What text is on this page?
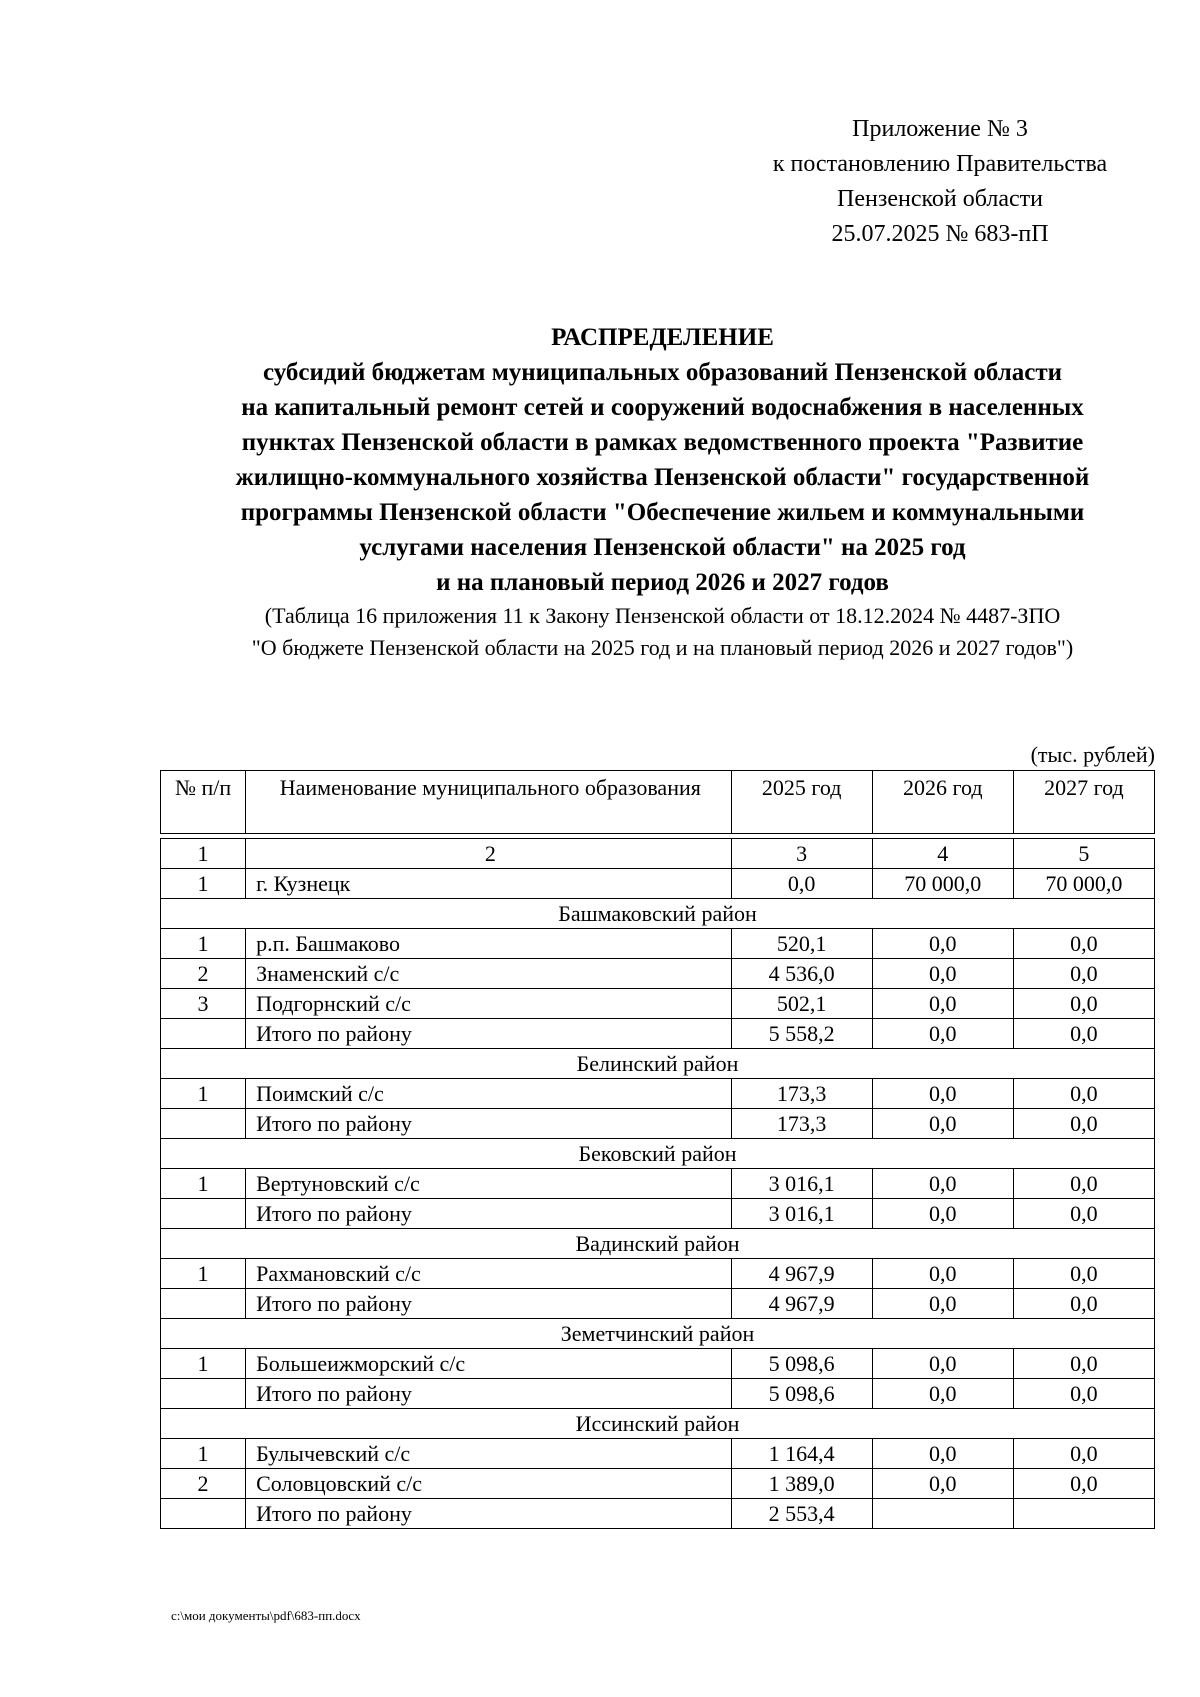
Приложение № 3
к постановлению Правительства
Пензенской области
25.07.2025 № 683-пП

РАСПРЕДЕЛЕНИЕ

субсидий бюджетам муниципальных образований Пензенской области

на капитальный ремонт сетей и сооружений водоснабжения в населенных

пунктах Пензенской области в рамках ведомственного проекта "Развитие

жилищно-коммунального хозяйства Пензенской области" государственной

программы Пензенской области "Обеспечение жильем и коммунальными

услугами населения Пензенской области" на 2025 год

и на плановый период 2026 и 2027 годов

(Таблица 16 приложения 11 к Закону Пензенской области от 18.12.2024 № 4487-ЗПО

"О бюджете Пензенской области на 2025 год и на плановый период 2026 и 2027 годов")

(тыс. рублей)
№ п/п	Наименование муниципального образования	2025 год	2026 год	2027 год

1	2	3	4	5
1	г. Кузнецк	0,0	70 000,0	70 000,0
Башмаковский район				
1	р.п. Башмаково	520,1	0,0	0,0
2	Знаменский с/с	4 536,0	0,0	0,0
3	Подгорнский с/с	502,1	0,0	0,0
	Итого по району	5 558,2	0,0	0,0
Белинский район				
1	Поимский с/с	173,3	0,0	0,0
	Итого по району	173,3	0,0	0,0
Бековский район				
1	Вертуновский с/с	3 016,1	0,0	0,0
	Итого по району	3 016,1	0,0	0,0
Вадинский район				
1	Рахмановский с/с	4 967,9	0,0	0,0
	Итого по району	4 967,9	0,0	0,0
Земетчинский район				
1	Большеижморский с/с	5 098,6	0,0	0,0
	Итого по району	5 098,6	0,0	0,0
Иссинский район				
1	Булычевский с/с	1 164,4	0,0	0,0
2	Соловцовский с/с	1 389,0	0,0	0,0
	Итого по району	2 553,4		
c:\мои документы\pdf\683-пп.docx
